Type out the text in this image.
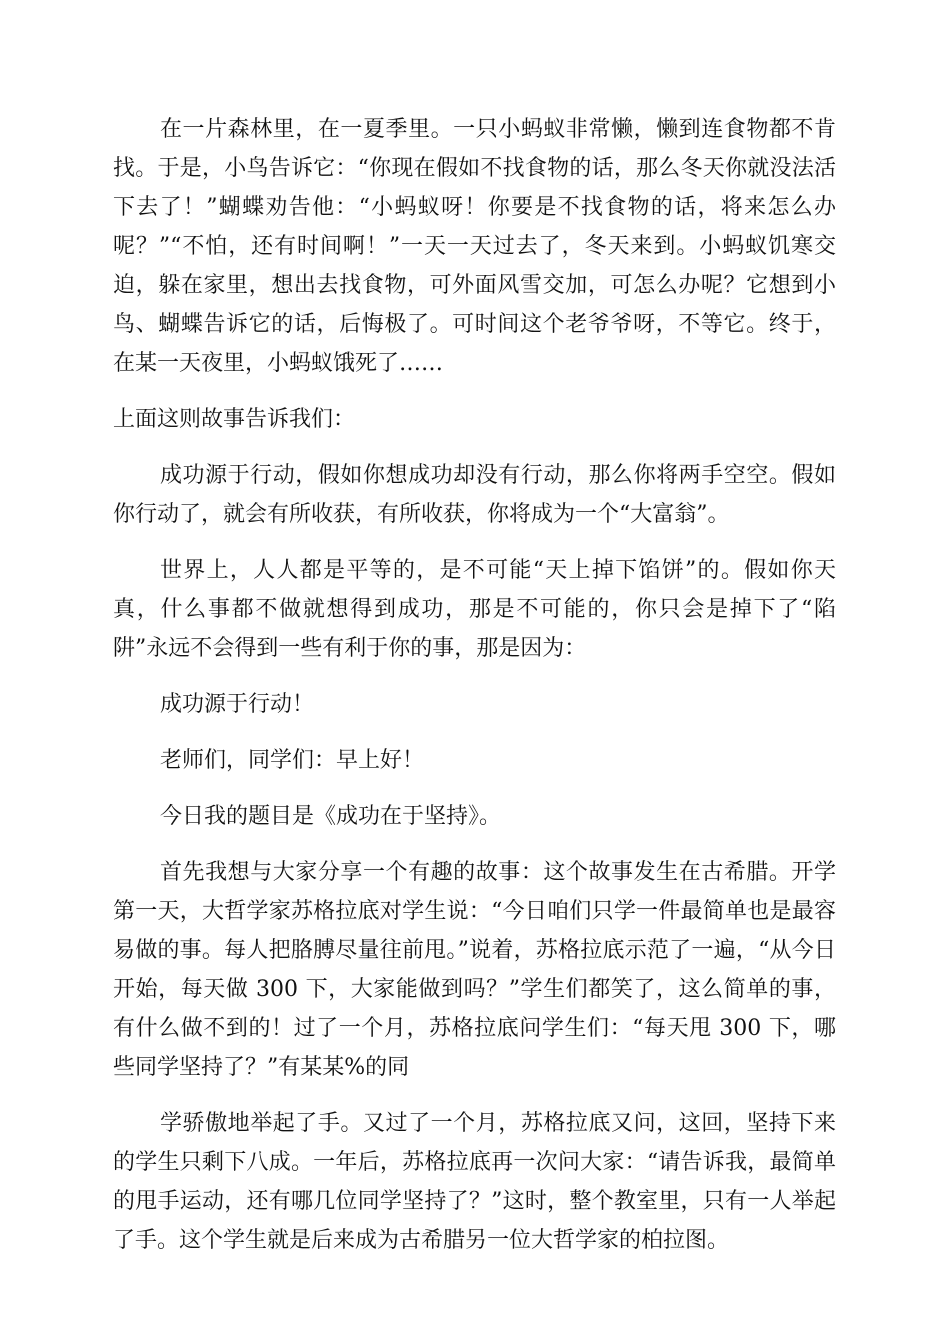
在一片森林里，在一夏季里。一只小蚂蚁非常懒，懒到连食物都不肯找。于是，小鸟告诉它：“你现在假如不找食物的话，那么冬天你就没法活下去了！”蝴蝶劝告他：“小蚂蚁呀！你要是不找食物的话，将来怎么办呢？”“不怕，还有时间啊！”一天一天过去了，冬天来到。小蚂蚁饥寒交迫，躲在家里，想出去找食物，可外面风雪交加，可怎么办呢？它想到小鸟、蝴蝶告诉它的话，后悔极了。可时间这个老爷爷呀，不等它。终于，在某一天夜里，小蚂蚁饿死了……

上面这则故事告诉我们：

成功源于行动，假如你想成功却没有行动，那么你将两手空空。假如你行动了，就会有所收获，有所收获，你将成为一个“大富翁”。

世界上，人人都是平等的，是不可能“天上掉下馅饼”的。假如你天真，什么事都不做就想得到成功，那是不可能的，你只会是掉下了“陷阱”永远不会得到一些有利于你的事，那是因为：

成功源于行动！

老师们，同学们：早上好！

今日我的题目是《成功在于坚持》。

首先我想与大家分享一个有趣的故事：这个故事发生在古希腊。开学第一天，大哲学家苏格拉底对学生说：“今日咱们只学一件最简单也是最容易做的事。每人把胳膊尽量往前甩。”说着，苏格拉底示范了一遍，“从今日开始，每天做 300 下，大家能做到吗？”学生们都笑了，这么简单的事，有什么做不到的！过了一个月，苏格拉底问学生们：“每天甩 300 下，哪些同学坚持了？”有某某%的同

学骄傲地举起了手。又过了一个月，苏格拉底又问，这回，坚持下来的学生只剩下八成。一年后，苏格拉底再一次问大家：“请告诉我，最简单的甩手运动，还有哪几位同学坚持了？”这时，整个教室里，只有一人举起了手。这个学生就是后来成为古希腊另一位大哲学家的柏拉图。
